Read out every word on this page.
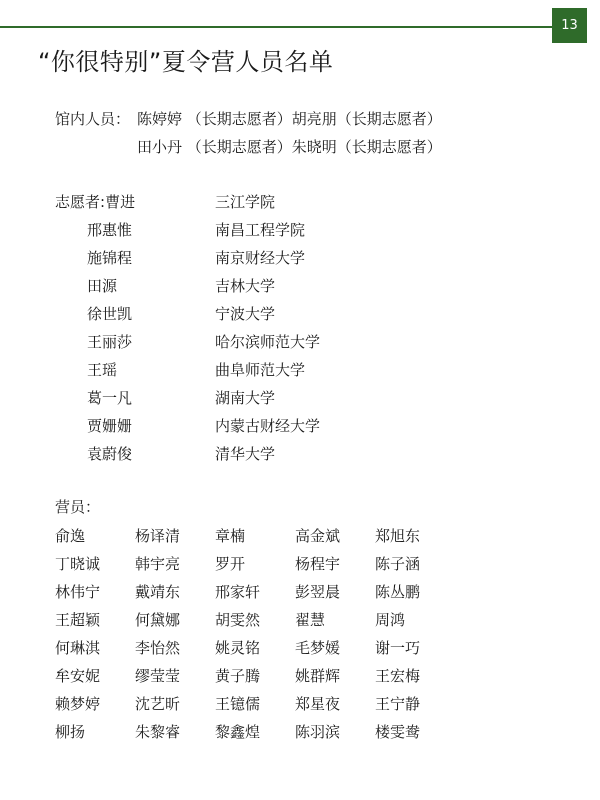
13
“你很特别”夏令营人员名单
馆内人员： 陈婷婷 （长期志愿者）胡亮朋（长期志愿者）
田小丹 （长期志愿者）朱晓明（长期志愿者）
志愿者:曹进	三江学院
邢惠惟	南昌工程学院
施锦程	南京财经大学
田源	吉林大学
徐世凯	宁波大学
王丽莎	哈尔滨师范大学
王瑶	曲阜师范大学
葛一凡	湖南大学
贾姗姗	内蒙古财经大学
袁蔚俊	清华大学
营员：
俞逸	杨译清	章楠	高金斌	郑旭东
丁晓诚	韩宇亮	罗开	杨程宇	陈子涵
林伟宁	戴靖东	邢家轩	彭翌晨	陈丛鹏
王超颖	何黛娜	胡雯然	翟慧	周鸿
何琳淇	李怡然	姚灵铭	毛梦媛	谢一巧
牟安妮	缪莹莹	黄子腾	姚群辉	王宏梅
赖梦婷	沈艺昕	王镱儒	郑星夜	王宁静
柳扬	朱黎睿	黎鑫煌	陈羽滨	楼雯鸯
